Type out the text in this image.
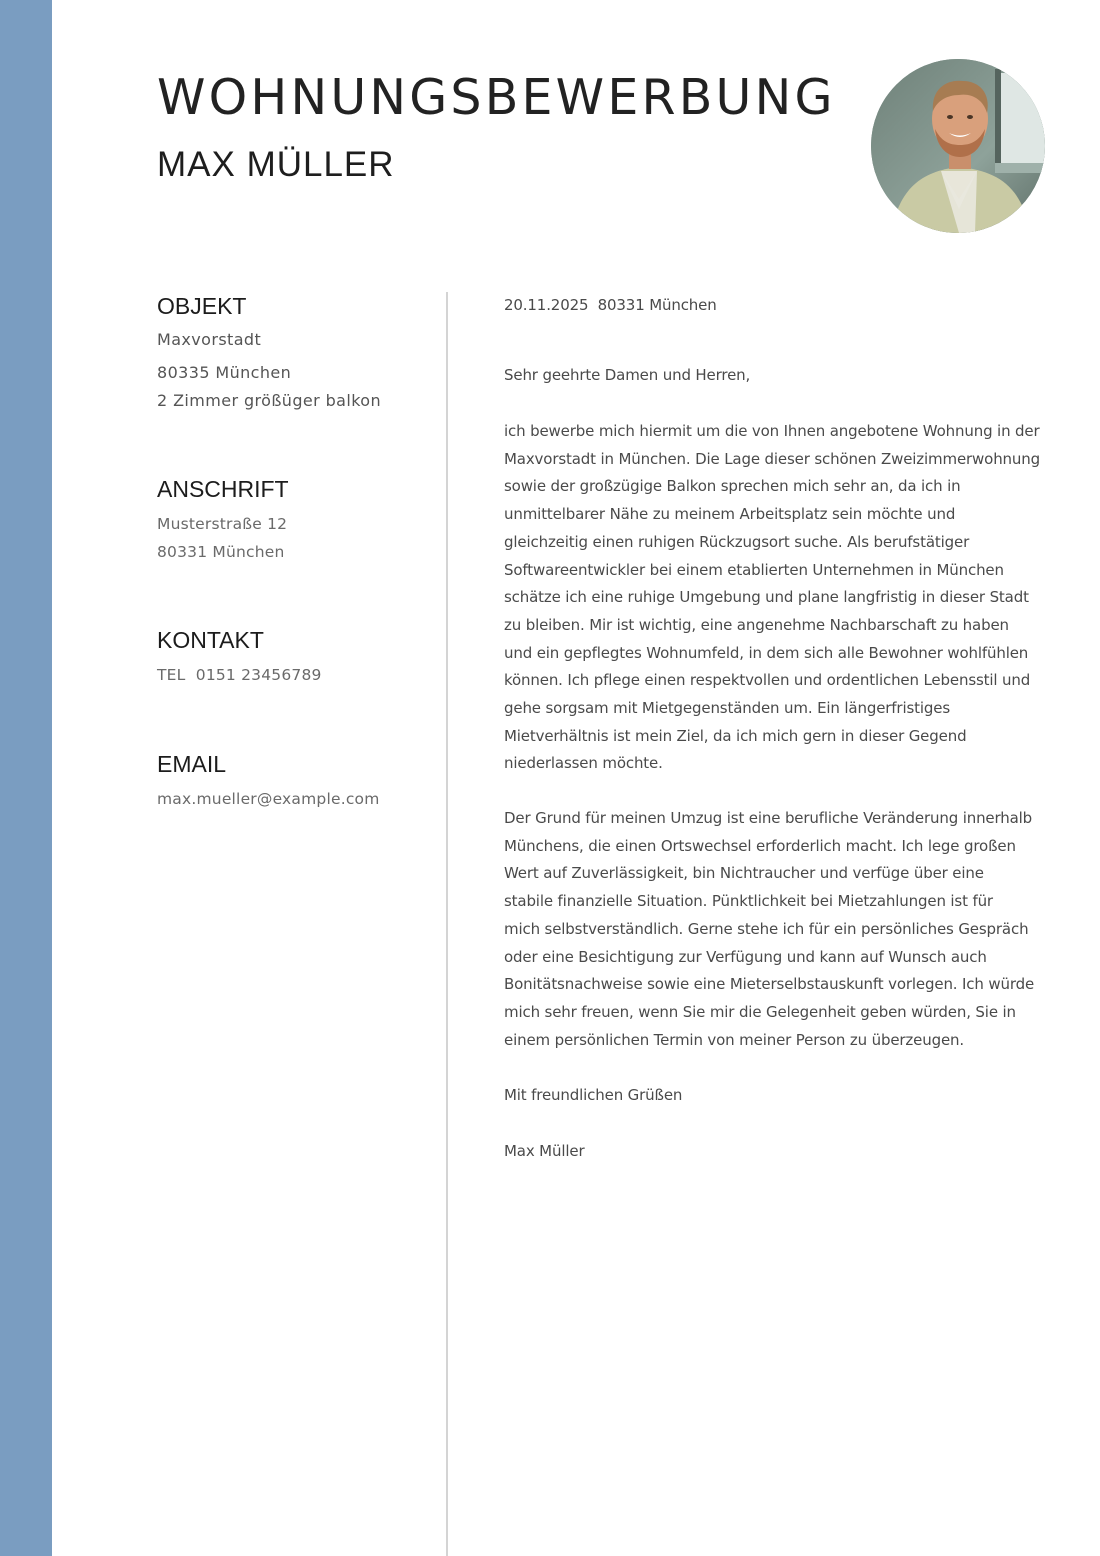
WOHNUNGSBEWERBUNG
MAX MÜLLER
OBJEKT
Maxvorstadt
80335 München
2 Zimmer größüger balkon
ANSCHRIFT
Musterstraße 12
80331 München
KONTAKT
TEL  0151 23456789
EMAIL
max.mueller@example.com

20.11.2025  80331 München

Sehr geehrte Damen und Herren,

ich bewerbe mich hiermit um die von Ihnen angebotene Wohnung in der

Maxvorstadt in München. Die Lage dieser schönen Zweizimmerwohnung

sowie der großzügige Balkon sprechen mich sehr an, da ich in

unmittelbarer Nähe zu meinem Arbeitsplatz sein möchte und

gleichzeitig einen ruhigen Rückzugsort suche. Als berufstätiger

Softwareentwickler bei einem etablierten Unternehmen in München

schätze ich eine ruhige Umgebung und plane langfristig in dieser Stadt

zu bleiben. Mir ist wichtig, eine angenehme Nachbarschaft zu haben

und ein gepflegtes Wohnumfeld, in dem sich alle Bewohner wohlfühlen

können. Ich pflege einen respektvollen und ordentlichen Lebensstil und

gehe sorgsam mit Mietgegenständen um. Ein längerfristiges

Mietverhältnis ist mein Ziel, da ich mich gern in dieser Gegend

niederlassen möchte.

Der Grund für meinen Umzug ist eine berufliche Veränderung innerhalb

Münchens, die einen Ortswechsel erforderlich macht. Ich lege großen

Wert auf Zuverlässigkeit, bin Nichtraucher und verfüge über eine

stabile finanzielle Situation. Pünktlichkeit bei Mietzahlungen ist für

mich selbstverständlich. Gerne stehe ich für ein persönliches Gespräch

oder eine Besichtigung zur Verfügung und kann auf Wunsch auch

Bonitätsnachweise sowie eine Mieterselbstauskunft vorlegen. Ich würde

mich sehr freuen, wenn Sie mir die Gelegenheit geben würden, Sie in

einem persönlichen Termin von meiner Person zu überzeugen.

Mit freundlichen Grüßen

Max Müller
